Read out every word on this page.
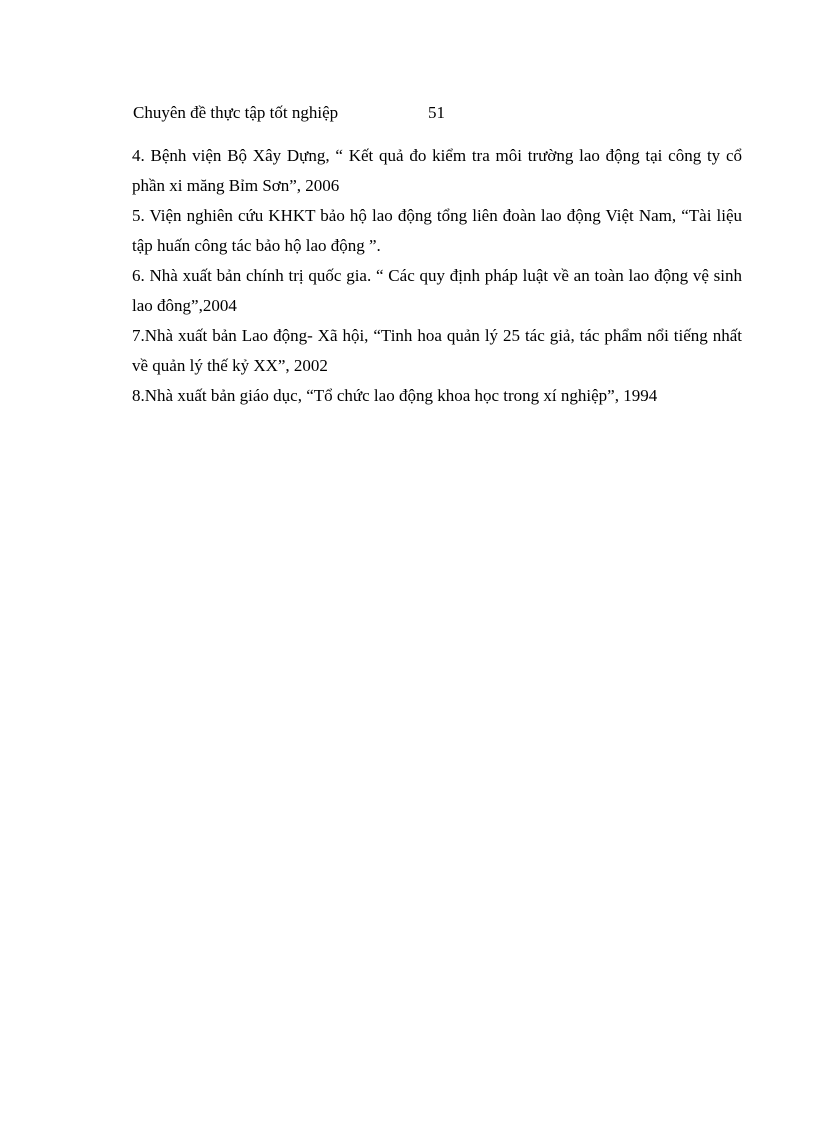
Chuyên đề thực tập tốt nghiệp	51
4. Bệnh viện Bộ Xây Dựng, “ Kết quả đo kiểm tra môi trường lao động tại công ty cổ phần xi măng Bỉm Sơn”, 2006
5. Viện nghiên cứu KHKT bảo hộ lao động tổng liên đoàn lao động Việt Nam, “Tài liệu tập huấn công tác bảo hộ lao động ”.
6. Nhà xuất bản chính trị quốc gia. “ Các quy định pháp luật về an toàn lao động vệ sinh lao đông”,2004
7.Nhà xuất bản Lao động- Xã hội, “Tinh hoa quản lý 25 tác giả, tác phẩm nổi tiếng nhất về quản lý thế kỷ XX”, 2002
8.Nhà xuất bản giáo dục, “Tổ chức lao động khoa học trong xí nghiệp”, 1994
